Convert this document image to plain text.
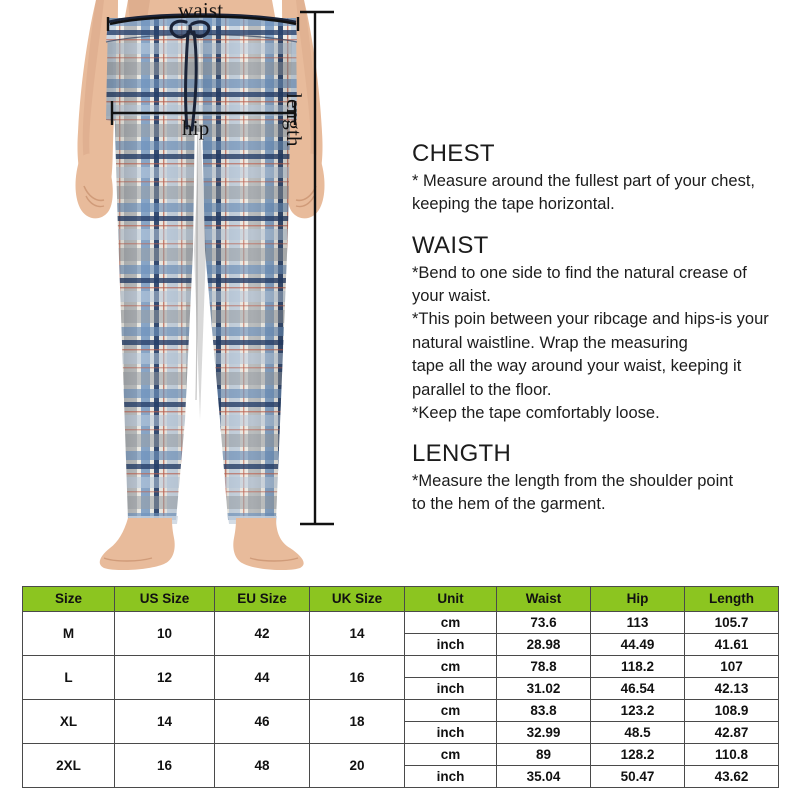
waist
hip	length
CHEST

* Measure around the fullest part of your chest,

keeping the tape horizontal.

WAIST

*Bend to one side to find the natural crease of

your waist.

*This poin between your ribcage and hips-is your

natural waistline. Wrap the measuring

tape all the way around your waist, keeping it

parallel to the floor.

*Keep the tape comfortably loose.

LENGTH

*Measure the length from the shoulder point

to the hem of the garment.

Size	US Size	EU Size	UK Size	Unit	Waist	Hip	Length
M	10	42	14	cm	73.6	113	105.7
				inch	28.98	44.49	41.61
L	12	44	16	cm	78.8	118.2	107
				inch	31.02	46.54	42.13
XL	14	46	18	cm	83.8	123.2	108.9
				inch	32.99	48.5	42.87
2XL	16	48	20	cm	89	128.2	110.8
				inch	35.04	50.47	43.62
